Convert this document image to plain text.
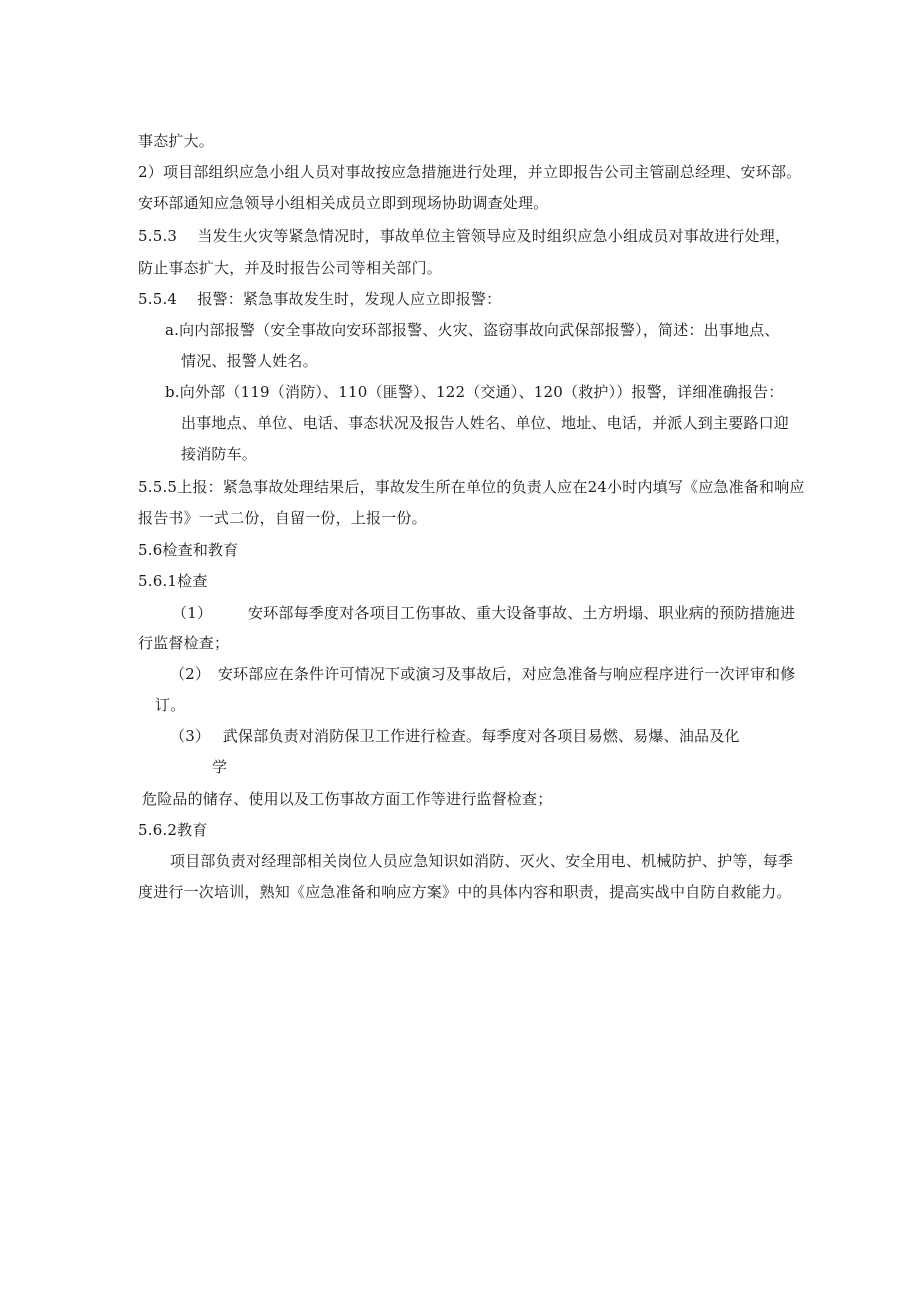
事态扩大。
2）项目部组织应急小组人员对事故按应急措施进行处理，并立即报告公司主管副总经理、安环部。
安环部通知应急领导小组相关成员立即到现场协助调查处理。
5.5.3　 当发生火灾等紧急情况时，事故单位主管领导应及时组织应急小组成员对事故进行处理，
防止事态扩大，并及时报告公司等相关部门。
5.5.4　 报警：紧急事故发生时，发现人应立即报警：
a.向内部报警（安全事故向安环部报警、火灾、盗窃事故向武保部报警），简述：出事地点、
情况、报警人姓名。
b.向外部（119（消防）、110（匪警）、122（交通）、120（救护））报警，详细准确报告：
出事地点、单位、电话、事态状况及报告人姓名、单位、地址、电话，并派人到主要路口迎
接消防车。
5.5.5上报：紧急事故处理结果后，事故发生所在单位的负责人应在24小时内填写《应急准备和响应
报告书》一式二份，自留一份，上报一份。
5.6检查和教育
5.6.1检查
（1） 安环部每季度对各项目工伤事故、重大设备事故、土方坍塌、职业病的预防措施进
行监督检查；
（2）　安环部应在条件许可情况下或演习及事故后，对应急准备与响应程序进行一次评审和修
订。
（3）　 武保部负责对消防保卫工作进行检查。每季度对各项目易燃、易爆、油品及化
学
危险品的储存、使用以及工伤事故方面工作等进行监督检查；
5.6.2教育
项目部负责对经理部相关岗位人员应急知识如消防、灭火、安全用电、机械防护、护等，每季
度进行一次培训，熟知《应急准备和响应方案》中的具体内容和职责，提高实战中自防自救能力。
